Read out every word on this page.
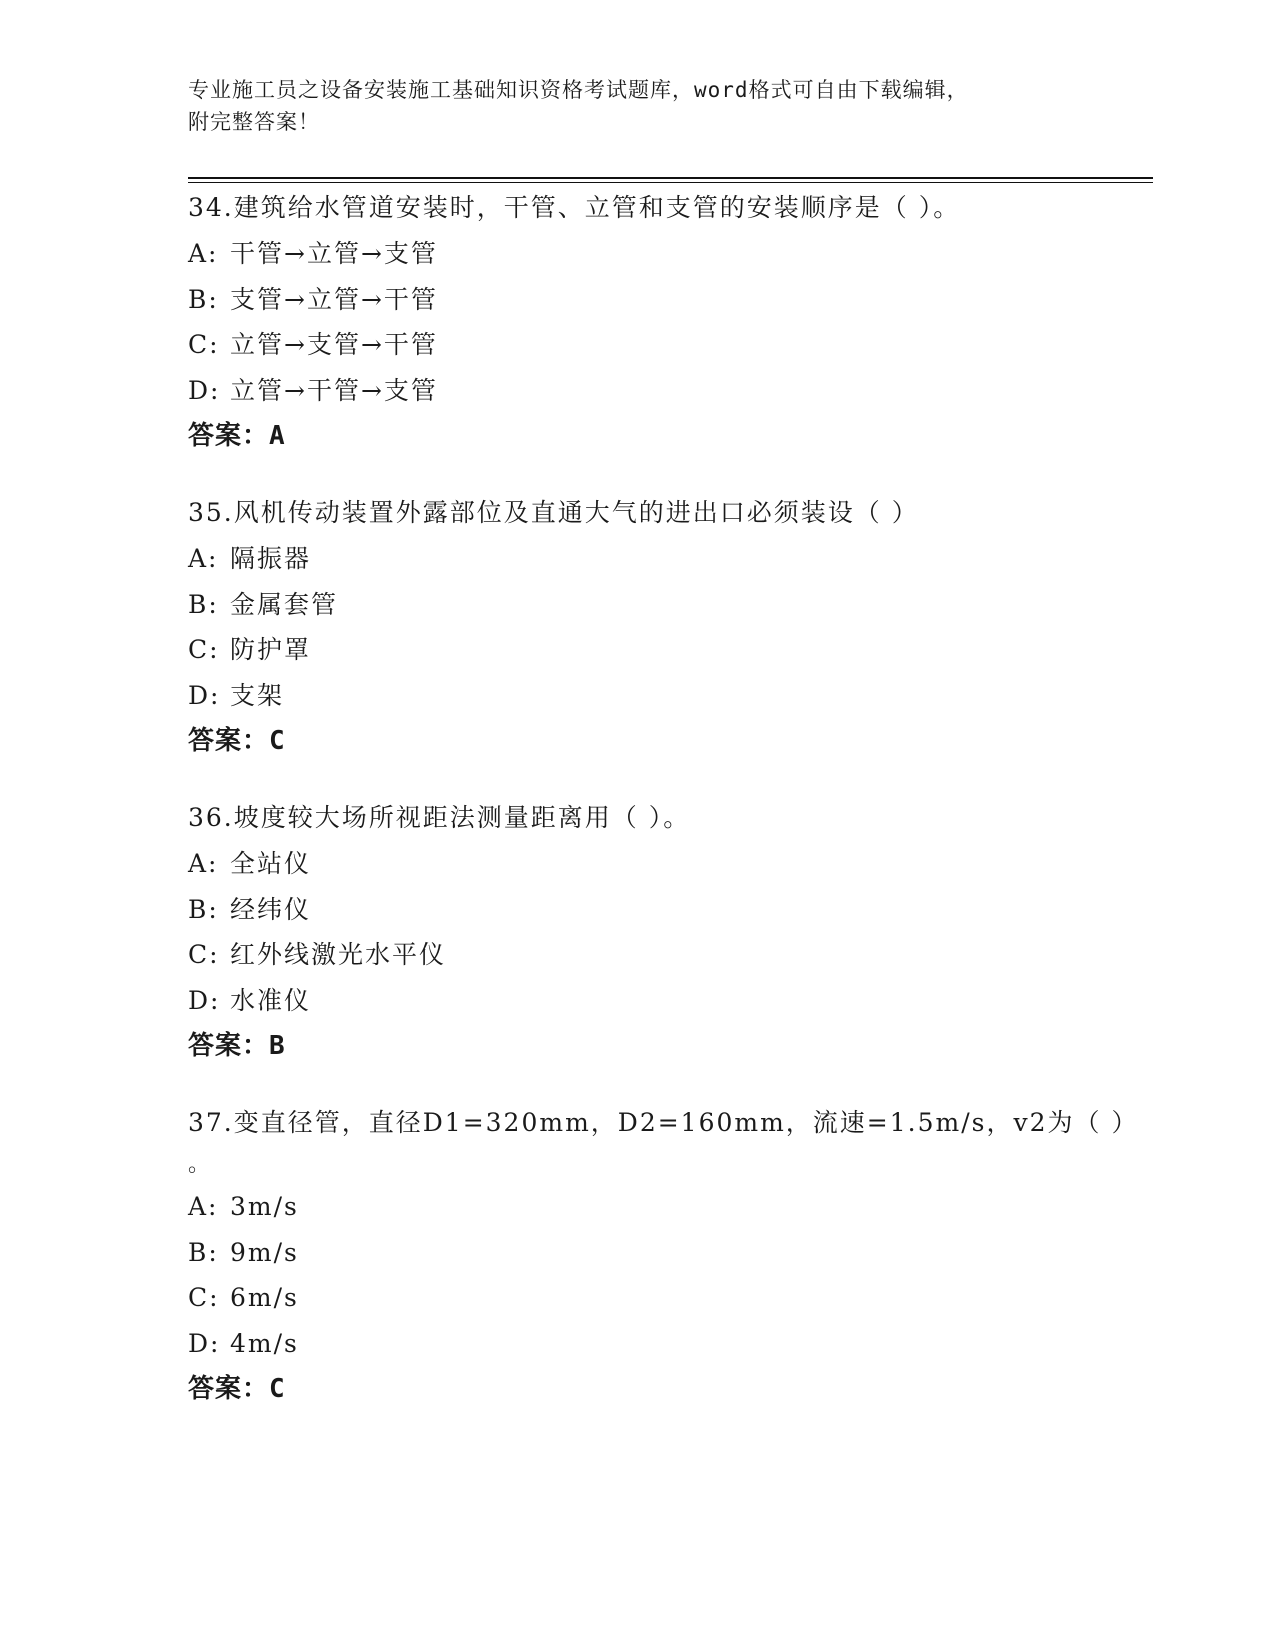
专业施工员之设备安装施工基础知识资格考试题库，word格式可自由下载编辑，
附完整答案！
34.建筑给水管道安装时，干管、立管和支管的安装顺序是（ ）。
A: 干管→立管→支管
B: 支管→立管→干管
C: 立管→支管→干管
D: 立管→干管→支管
答案：A
35.风机传动装置外露部位及直通大气的进出口必须装设（ ）
A: 隔振器
B: 金属套管
C: 防护罩
D: 支架
答案：C
36.坡度较大场所视距法测量距离用（ ）。
A: 全站仪
B: 经纬仪
C: 红外线激光水平仪
D: 水准仪
答案：B
37.变直径管，直径D1=320mm，D2=160mm，流速=1.5m/s，v2为（ ）
。
A: 3m/s
B: 9m/s
C: 6m/s
D: 4m/s
答案：C
